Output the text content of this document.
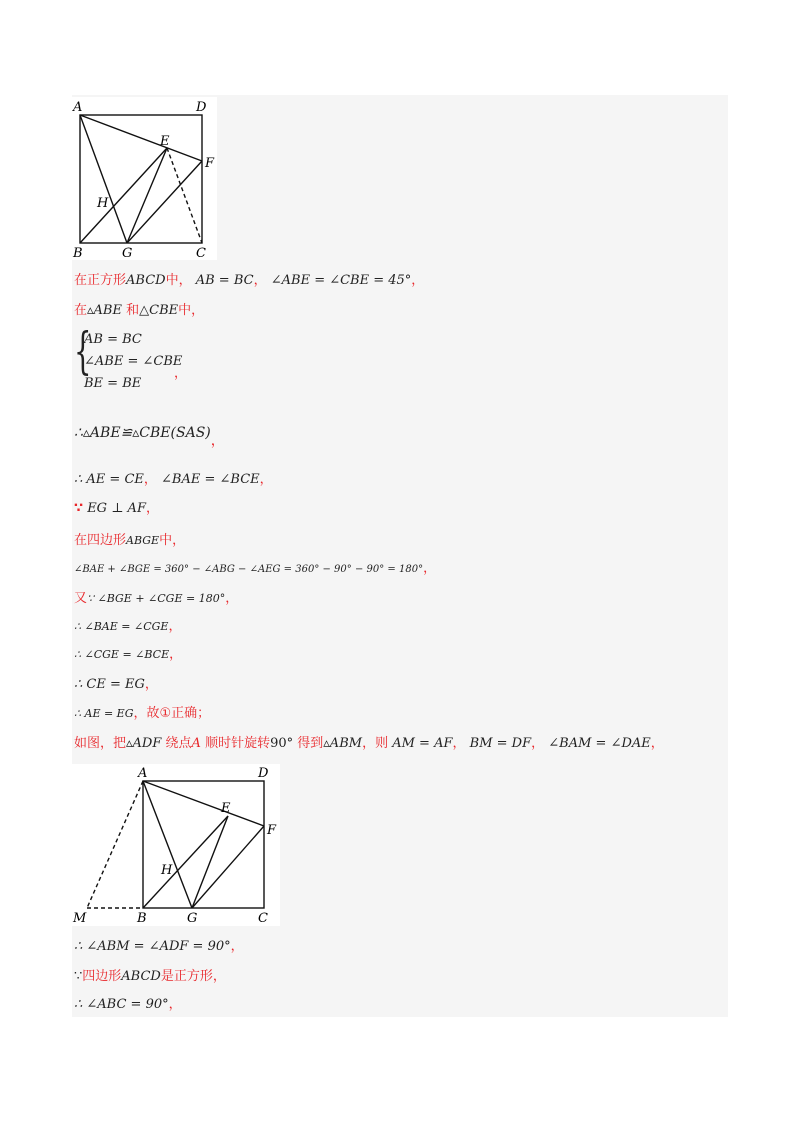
A	D
E
F
H
B	G	C
在正方形ABCD中， AB = BC， ∠ABE = ∠CBE = 45°，
在▵ABE 和△CBE中，
{
AB = BC
∠ABE = ∠CBE
BE = BE
，
∴▵ABE≌▵CBE(SAS)，
∴ AE = CE， ∠BAE = ∠BCE，
∵ EG ⊥ AF，
在四边形ABGE中，
∠BAE + ∠BGE = 360° − ∠ABG − ∠AEG = 360° − 90° − 90° = 180°，
又∵ ∠BGE + ∠CGE = 180°，
∴ ∠BAE = ∠CGE，
∴ ∠CGE = ∠BCE，
∴ CE = EG，
∴ AE = EG，故①正确；
如图，把▵ADF 绕点A 顺时针旋转90° 得到▵ABM，则 AM = AF， BM = DF， ∠BAM = ∠DAE，
A	D
E
F
H
M	B	G	C
∴ ∠ABM = ∠ADF = 90°，
∵四边形ABCD是正方形，
∴ ∠ABC = 90°，
